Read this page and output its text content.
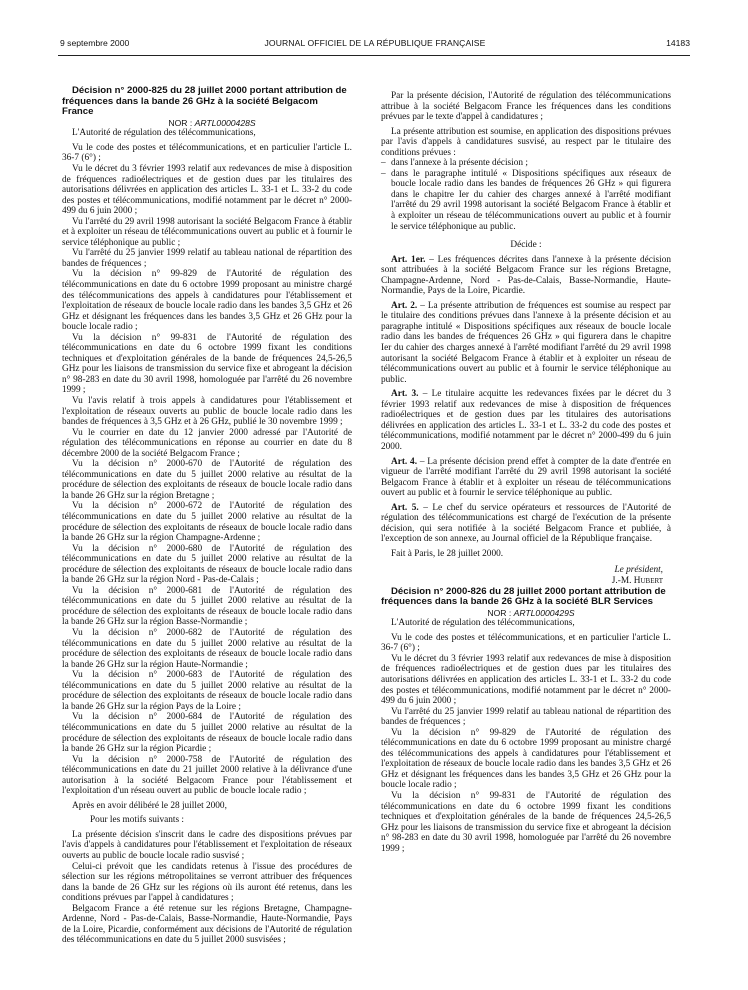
9 septembre 2000	JOURNAL OFFICIEL DE LA RÉPUBLIQUE FRANÇAISE	14183

Décision n° 2000-825 du 28 juillet 2000 portant attribution de fréquences dans la bande 26 GHz à la société Belgacom France

NOR : ARTL0000428S

L'Autorité de régulation des télécommunications,

Vu le code des postes et télécommunications, et en particulier l'article L. 36-7 (6°) ;

Vu le décret du 3 février 1993 relatif aux redevances de mise à disposition de fréquences radioélectriques et de gestion dues par les titulaires des autorisations délivrées en application des articles L. 33-1 et L. 33-2 du code des postes et télécommunications, modifié notamment par le décret n° 2000-499 du 6 juin 2000 ;

Vu l'arrêté du 29 avril 1998 autorisant la société Belgacom France à établir et à exploiter un réseau de télécommunications ouvert au public et à fournir le service téléphonique au public ;

Vu l'arrêté du 25 janvier 1999 relatif au tableau national de répartition des bandes de fréquences ;

Vu la décision n° 99-829 de l'Autorité de régulation des télécommunications en date du 6 octobre 1999 proposant au ministre chargé des télécommunications des appels à candidatures pour l'établissement et l'exploitation de réseaux de boucle locale radio dans les bandes 3,5 GHz et 26 GHz et désignant les fréquences dans les bandes 3,5 GHz et 26 GHz pour la boucle locale radio ;

Vu la décision n° 99-831 de l'Autorité de régulation des télécommunications en date du 6 octobre 1999 fixant les conditions techniques et d'exploitation générales de la bande de fréquences 24,5-26,5 GHz pour les liaisons de transmission du service fixe et abrogeant la décision n° 98-283 en date du 30 avril 1998, homologuée par l'arrêté du 26 novembre 1999 ;

Vu l'avis relatif à trois appels à candidatures pour l'établissement et l'exploitation de réseaux ouverts au public de boucle locale radio dans les bandes de fréquences à 3,5 GHz et à 26 GHz, publié le 30 novembre 1999 ;

Vu le courrier en date du 12 janvier 2000 adressé par l'Autorité de régulation des télécommunications en réponse au courrier en date du 8 décembre 2000 de la société Belgacom France ;

Vu la décision n° 2000-670 de l'Autorité de régulation des télécommunications en date du 5 juillet 2000 relative au résultat de la procédure de sélection des exploitants de réseaux de boucle locale radio dans la bande 26 GHz sur la région Bretagne ;

Vu la décision n° 2000-672 de l'Autorité de régulation des télécommunications en date du 5 juillet 2000 relative au résultat de la procédure de sélection des exploitants de réseaux de boucle locale radio dans la bande 26 GHz sur la région Champagne-Ardenne ;

Vu la décision n° 2000-680 de l'Autorité de régulation des télécommunications en date du 5 juillet 2000 relative au résultat de la procédure de sélection des exploitants de réseaux de boucle locale radio dans la bande 26 GHz sur la région Nord - Pas-de-Calais ;

Vu la décision n° 2000-681 de l'Autorité de régulation des télécommunications en date du 5 juillet 2000 relative au résultat de la procédure de sélection des exploitants de réseaux de boucle locale radio dans la bande 26 GHz sur la région Basse-Normandie ;

Vu la décision n° 2000-682 de l'Autorité de régulation des télécommunications en date du 5 juillet 2000 relative au résultat de la procédure de sélection des exploitants de réseaux de boucle locale radio dans la bande 26 GHz sur la région Haute-Normandie ;

Vu la décision n° 2000-683 de l'Autorité de régulation des télécommunications en date du 5 juillet 2000 relative au résultat de la procédure de sélection des exploitants de réseaux de boucle locale radio dans la bande 26 GHz sur la région Pays de la Loire ;

Vu la décision n° 2000-684 de l'Autorité de régulation des télécommunications en date du 5 juillet 2000 relative au résultat de la procédure de sélection des exploitants de réseaux de boucle locale radio dans la bande 26 GHz sur la région Picardie ;

Vu la décision n° 2000-758 de l'Autorité de régulation des télécommunications en date du 21 juillet 2000 relative à la délivrance d'une autorisation à la société Belgacom France pour l'établissement et l'exploitation d'un réseau ouvert au public de boucle locale radio ;

Après en avoir délibéré le 28 juillet 2000,

Pour les motifs suivants :

La présente décision s'inscrit dans le cadre des dispositions prévues par l'avis d'appels à candidatures pour l'établissement et l'exploitation de réseaux ouverts au public de boucle locale radio susvisé ;

Celui-ci prévoit que les candidats retenus à l'issue des procédures de sélection sur les régions métropolitaines se verront attribuer des fréquences dans la bande de 26 GHz sur les régions où ils auront été retenus, dans les conditions prévues par l'appel à candidatures ;

Belgacom France a été retenue sur les régions Bretagne, Champagne-Ardenne, Nord - Pas-de-Calais, Basse-Normandie, Haute-Normandie, Pays de la Loire, Picardie, conformément aux décisions de l'Autorité de régulation des télécommunications en date du 5 juillet 2000 susvisées ;

Par la présente décision, l'Autorité de régulation des télécommunications attribue à la société Belgacom France les fréquences dans les conditions prévues par le texte d'appel à candidatures ;

La présente attribution est soumise, en application des dispositions prévues par l'avis d'appels à candidatures susvisé, au respect par le titulaire des conditions prévues :

– dans l'annexe à la présente décision ;
– dans le paragraphe intitulé « Dispositions spécifiques aux réseaux de boucle locale radio dans les bandes de fréquences 26 GHz » qui figurera dans le chapitre Ier du cahier des charges annexé à l'arrêté modifiant l'arrêté du 29 avril 1998 autorisant la société Belgacom France à établir et à exploiter un réseau de télécommunications ouvert au public et à fournir le service téléphonique au public.

Décide :

Art. 1er. – Les fréquences décrites dans l'annexe à la présente décision sont attribuées à la société Belgacom France sur les régions Bretagne, Champagne-Ardenne, Nord - Pas-de-Calais, Basse-Normandie, Haute-Normandie, Pays de la Loire, Picardie.

Art. 2. – La présente attribution de fréquences est soumise au respect par le titulaire des conditions prévues dans l'annexe à la présente décision et au paragraphe intitulé « Dispositions spécifiques aux réseaux de boucle locale radio dans les bandes de fréquences 26 GHz » qui figurera dans le chapitre Ier du cahier des charges annexé à l'arrêté modifiant l'arrêté du 29 avril 1998 autorisant la société Belgacom France à établir et à exploiter un réseau de télécommunications ouvert au public et à fournir le service téléphonique au public.

Art. 3. – Le titulaire acquitte les redevances fixées par le décret du 3 février 1993 relatif aux redevances de mise à disposition de fréquences radioélectriques et de gestion dues par les titulaires des autorisations délivrées en application des articles L. 33-1 et L. 33-2 du code des postes et télécommunications, modifié notamment par le décret n° 2000-499 du 6 juin 2000.

Art. 4. – La présente décision prend effet à compter de la date d'entrée en vigueur de l'arrêté modifiant l'arrêté du 29 avril 1998 autorisant la société Belgacom France à établir et à exploiter un réseau de télécommunications ouvert au public et à fournir le service téléphonique au public.

Art. 5. – Le chef du service opérateurs et ressources de l'Autorité de régulation des télécommunications est chargé de l'exécution de la présente décision, qui sera notifiée à la société Belgacom France et publiée, à l'exception de son annexe, au Journal officiel de la République française.

Fait à Paris, le 28 juillet 2000.

Le président,

J.-M. Hubert

Décision n° 2000-826 du 28 juillet 2000 portant attribution de fréquences dans la bande 26 GHz à la société BLR Services

NOR : ARTL0000429S

L'Autorité de régulation des télécommunications,

Vu le code des postes et télécommunications, et en particulier l'article L. 36-7 (6°) ;

Vu le décret du 3 février 1993 relatif aux redevances de mise à disposition de fréquences radioélectriques et de gestion dues par les titulaires des autorisations délivrées en application des articles L. 33-1 et L. 33-2 du code des postes et télécommunications, modifié notamment par le décret n° 2000-499 du 6 juin 2000 ;

Vu l'arrêté du 25 janvier 1999 relatif au tableau national de répartition des bandes de fréquences ;

Vu la décision n° 99-829 de l'Autorité de régulation des télécommunications en date du 6 octobre 1999 proposant au ministre chargé des télécommunications des appels à candidatures pour l'établissement et l'exploitation de réseaux de boucle locale radio dans les bandes 3,5 GHz et 26 GHz et désignant les fréquences dans les bandes 3,5 GHz et 26 GHz pour la boucle locale radio ;

Vu la décision n° 99-831 de l'Autorité de régulation des télécommunications en date du 6 octobre 1999 fixant les conditions techniques et d'exploitation générales de la bande de fréquences 24,5-26,5 GHz pour les liaisons de transmission du service fixe et abrogeant la décision n° 98-283 en date du 30 avril 1998, homologuée par l'arrêté du 26 novembre 1999 ;
